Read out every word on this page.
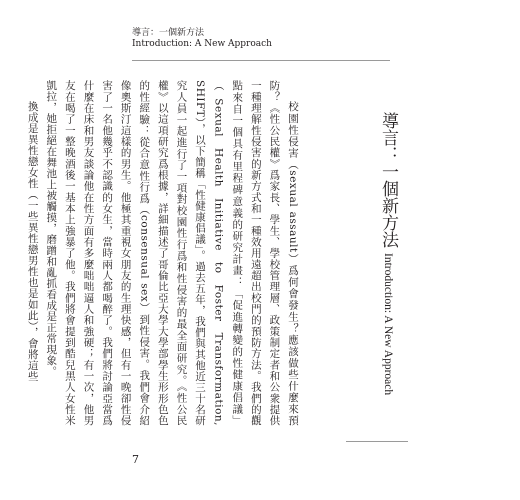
導言：一個新方法
Introduction: A New Approach
導言：一個新方法 Introduction: A New Approach

校園性侵害（sexual assault）爲何會發生？應該做些什麼來預防？《性公民權》爲家長、學生、學校管理層、政策制定者和公衆提供一種理解性侵害的新方式和一種效用遠超出校門的預防方法。我們的觀點來自一個具有里程碑意義的研究計畫：「促進轉變的性健康倡議」（Sexual Health Initiative to Foster Transformation, SHIFT），以下簡稱「性健康倡議」。過去五年，我們與其他近三十名研究人員一起進行了一項對校園性行爲和性侵害的最全面研究。《性公民權》以這項研究爲根據，詳細描述了哥倫比亞大學大學部學生形形色色的性經驗：從合意性行爲（consensual sex）到性侵害。我們會介紹像奧斯汀這樣的男生。他極其重視女朋友的生理快感，但有一晚卻性侵害了一名他幾乎不認識的女生，當時兩人都喝醉了。我們將討論亞當爲什麼在床和男友談論他在性方面有多麼咄咄逼人和強硬；有一次，他男友在喝了一整晚酒後一基本上強暴了他。我們將會提到酷兒黑人女性米凱拉，她拒絕在舞池上被觸摸，磨蹭和亂抓看成是正常現象。

換成是異性戀女性（一些異性戀男性也是如此），會將這些

7
